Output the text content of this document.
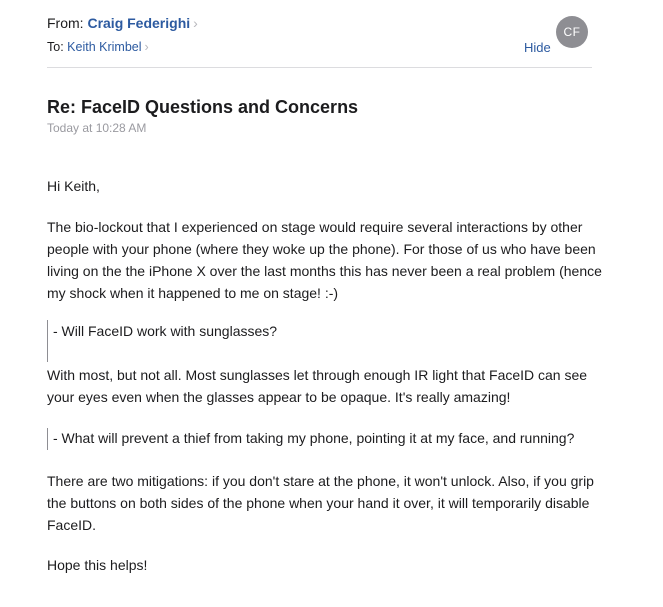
From: Craig Federighi ›
To: Keith Krimbel ›
CF
Hide
Re: FaceID Questions and Concerns
Today at 10:28 AM
Hi Keith,
The bio-lockout that I experienced on stage would require several interactions by other people with your phone (where they woke up the phone). For those of us who have been living on the the iPhone X over the last months this has never been a real problem (hence my shock when it happened to me on stage! :-)
- Will FaceID work with sunglasses?
With most, but not all. Most sunglasses let through enough IR light that FaceID can see your eyes even when the glasses appear to be opaque. It's really amazing!
- What will prevent a thief from taking my phone, pointing it at my face, and running?
There are two mitigations: if you don't stare at the phone, it won't unlock. Also, if you grip the buttons on both sides of the phone when your hand it over, it will temporarily disable FaceID.
Hope this helps!
